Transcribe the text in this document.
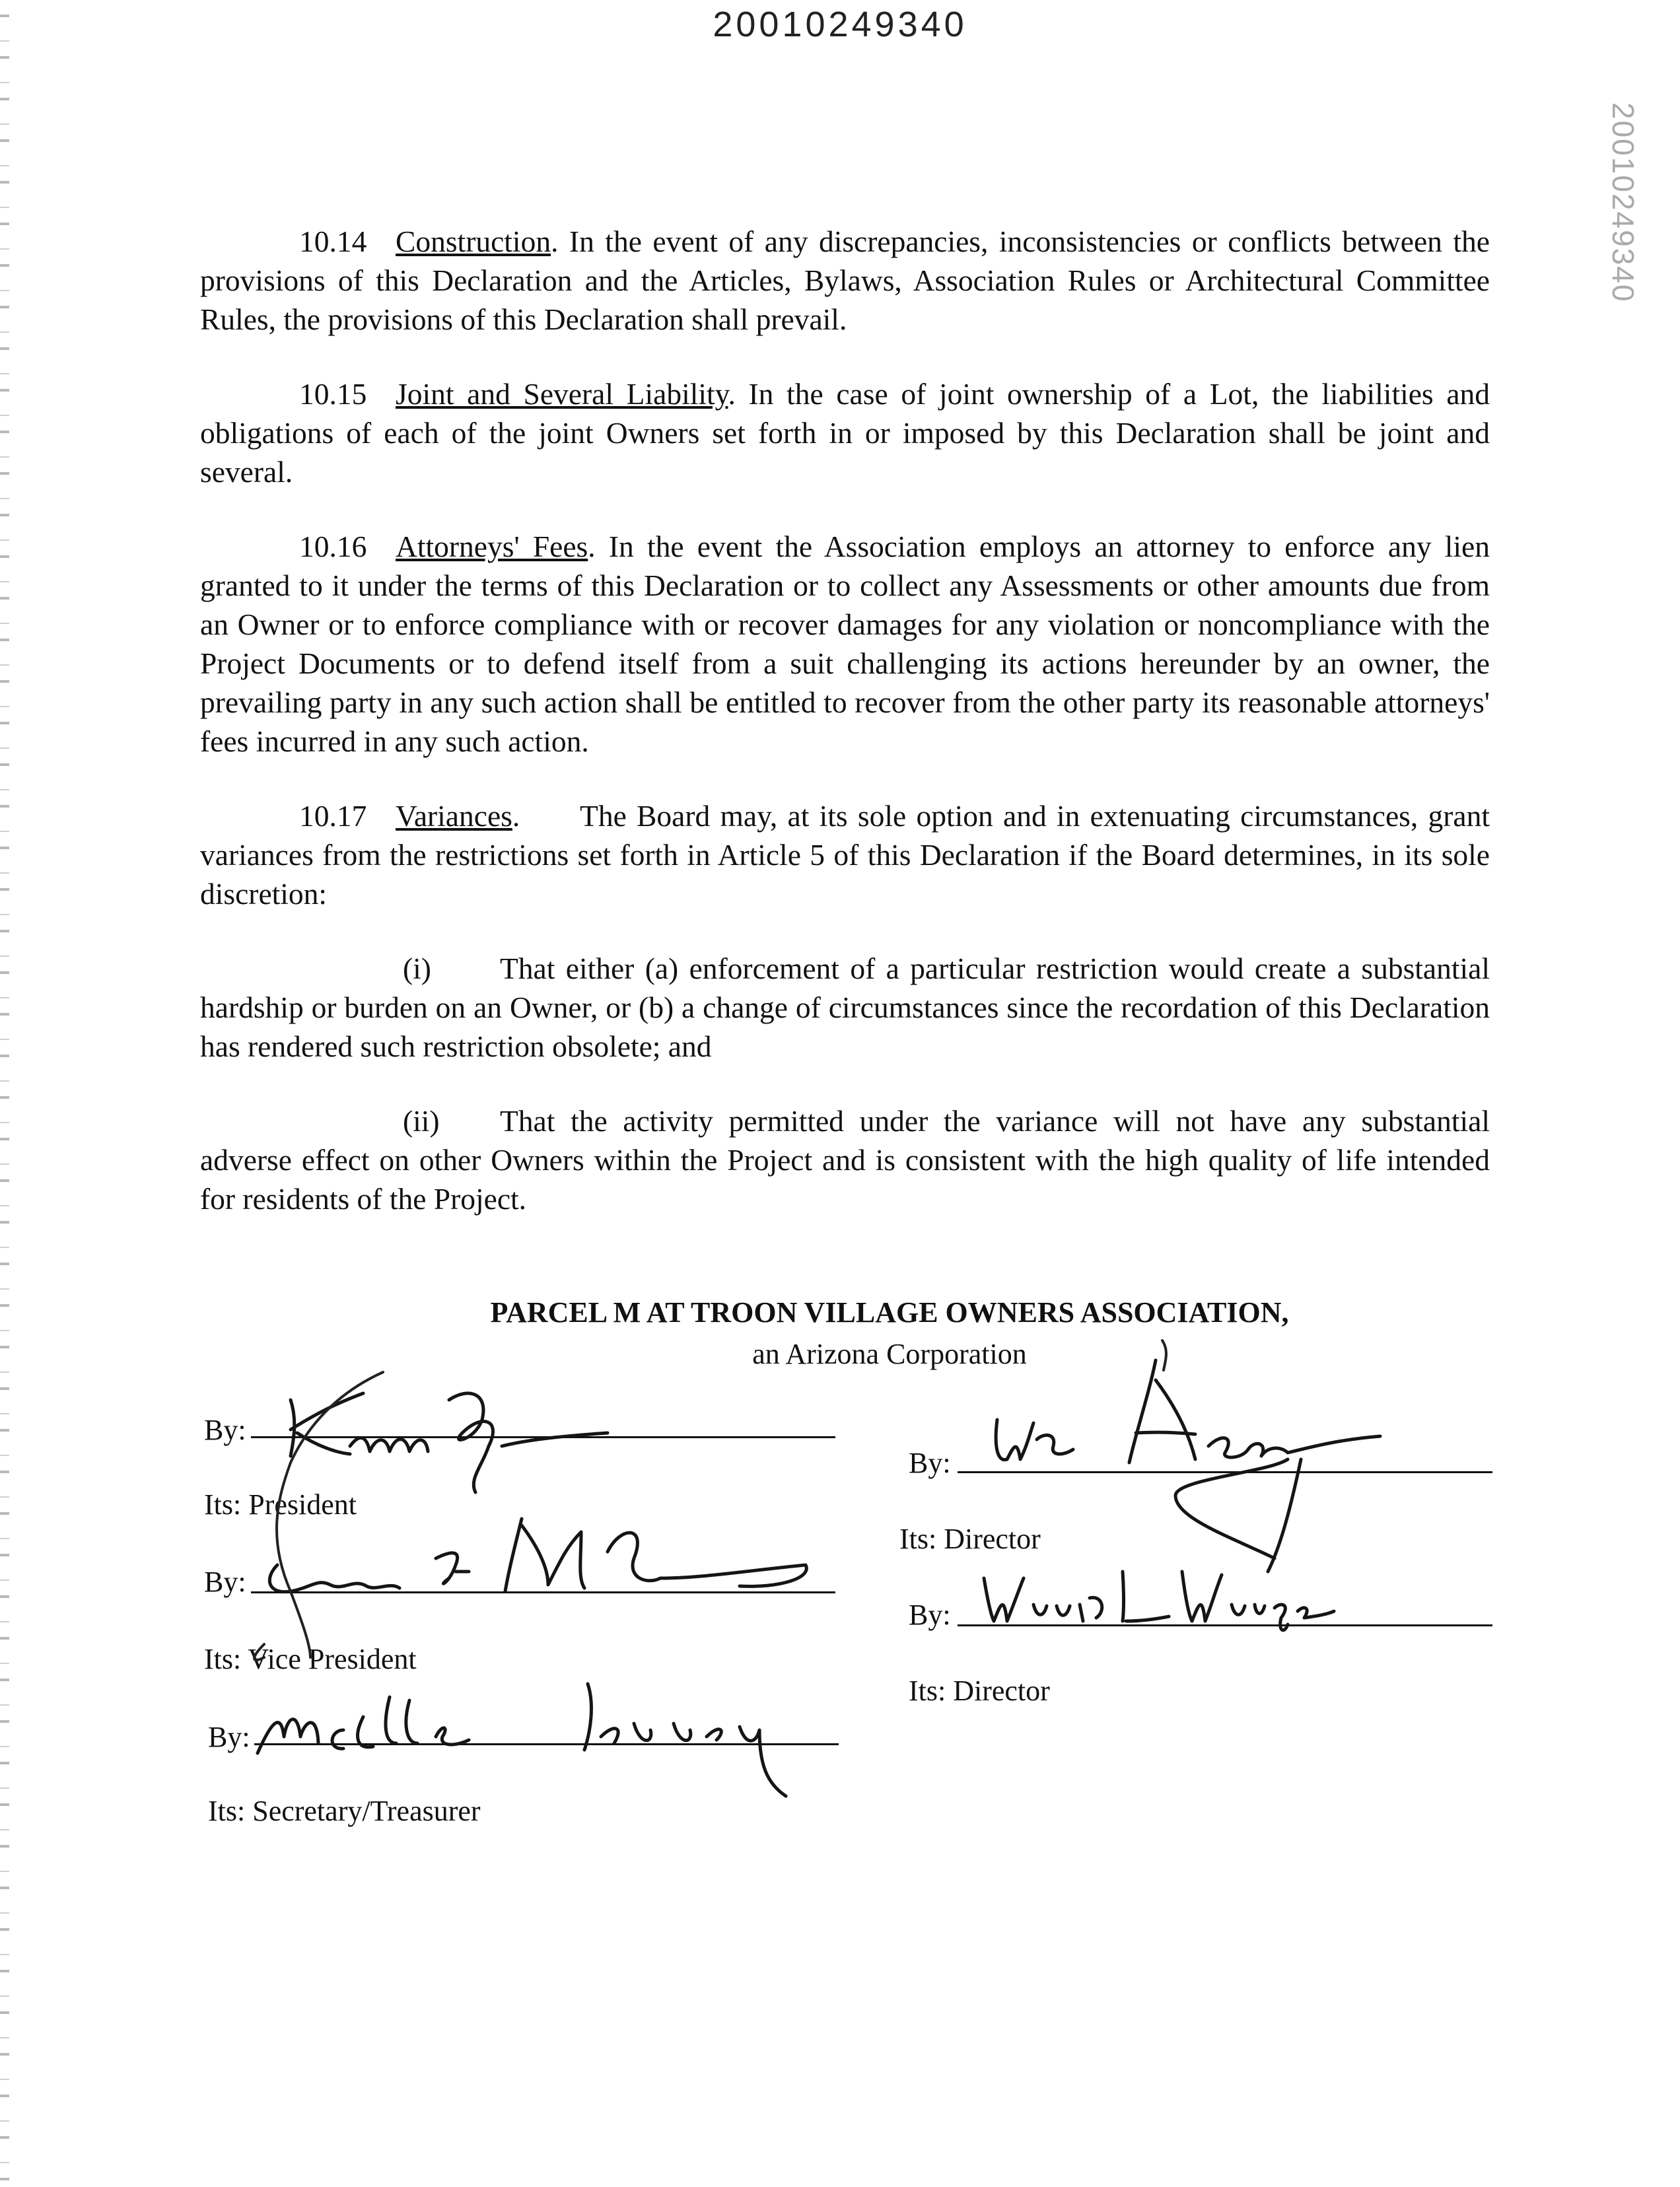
20010249340
20010249340

10.14 Construction. In the event of any discrepancies, inconsistencies or conflicts between the provisions of this Declaration and the Articles, Bylaws, Association Rules or Architectural Committee Rules, the provisions of this Declaration shall prevail.

10.15 Joint and Several Liability. In the case of joint ownership of a Lot, the liabilities and obligations of each of the joint Owners set forth in or imposed by this Declaration shall be joint and several.

10.16 Attorneys' Fees. In the event the Association employs an attorney to enforce any lien granted to it under the terms of this Declaration or to collect any Assessments or other amounts due from an Owner or to enforce compliance with or recover damages for any violation or noncompliance with the Project Documents or to defend itself from a suit challenging its actions hereunder by an owner, the prevailing party in any such action shall be entitled to recover from the other party its reasonable attorneys' fees incurred in any such action.

10.17 Variances.      The Board may, at its sole option and in extenuating circumstances, grant variances from the restrictions set forth in Article 5 of this Declaration if the Board determines, in its sole discretion:

(i) That either (a) enforcement of a particular restriction would create a substantial hardship or burden on an Owner, or (b) a change of circumstances since the recordation of this Declaration has rendered such restriction obsolete; and

(ii) That the activity permitted under the variance will not have any substantial adverse effect on other Owners within the Project and is consistent with the high quality of life intended for residents of the Project.

PARCEL M AT TROON VILLAGE OWNERS ASSOCIATION,
an Arizona Corporation
By:
Its: President
By:
Its: Vice President
By:
Its: Secretary/Treasurer
By:
Its: Director
By:
Its: Director
